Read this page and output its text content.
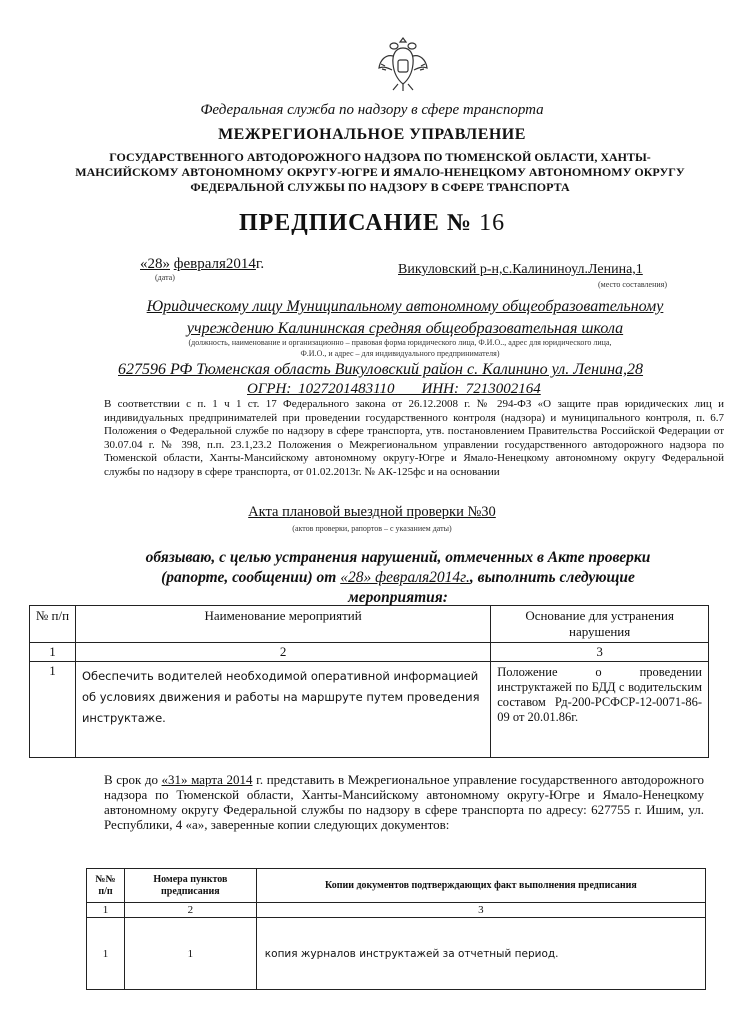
Федеральная служба по надзору в сфере транспорта
МЕЖРЕГИОНАЛЬНОЕ УПРАВЛЕНИЕ
ГОСУДАРСТВЕННОГО АВТОДОРОЖНОГО НАДЗОРА ПО ТЮМЕНСКОЙ ОБЛАСТИ, ХАНТЫ-
МАНСИЙСКОМУ АВТОНОМНОМУ ОКРУГУ-ЮГРЕ И ЯМАЛО-НЕНЕЦКОМУ АВТОНОМНОМУ ОКРУГУ
ФЕДЕРАЛЬНОЙ СЛУЖБЫ ПО НАДЗОРУ В СФЕРЕ ТРАНСПОРТА
ПРЕДПИСАНИЕ № 16
«28» февраля2014г.
(дата)
Викуловский р-н,с.Калининоул.Ленина,1
(место составления)
Юридическому лицу Муниципальному автономному общеобразовательному
учреждению Калининская средняя общеобразовательная школа
(должность, наименование и организационно – правовая форма юридического лица, Ф.И.О.., адрес для юридического лица,
Ф.И.О., и адрес – для индивидуального предпринимателя)
627596 РФ Тюменская область Викуловский район с. Калинино ул. Ленина,28
ОГРН: 1027201483110 ИНН: 7213002164
В соответствии с п. 1 ч 1 ст. 17 Федерального закона от 26.12.2008 г. № 294-ФЗ «О защите прав юридических лиц и индивидуальных предпринимателей при проведении государственного контроля (надзора) и муниципального контроля, п. 6.7 Положения о Федеральной службе по надзору в сфере транспорта, утв. постановлением Правительства Российской Федерации от 30.07.04 г. № 398, п.п. 23.1,23.2 Положения о Межрегиональном управлении государственного автодорожного надзора по Тюменской области, Ханты-Мансийскому автономному округу-Югре и Ямало-Ненецкому автономному округу Федеральной службы по надзору в сфере транспорта, от 01.02.2013г. № АК-125фс и на основании
Акта плановой выездной проверки №30
(актов проверки, рапортов – с указанием даты)
обязываю, с целью устранения нарушений, отмеченных в Акте проверки (рапорте, сообщении) от «28» февраля2014г., выполнить следующие мероприятия:
№ п/п	Наименование мероприятий	Основание для устранения нарушения
1	2	3
1	Обеспечить водителей необходимой оперативной информацией об условиях движения и работы на маршруте путем проведения инструктаже.	Положение о проведении инструктажей по БДД с водительским составом Рд-200-РСФСР-12-0071-86-09 от 20.01.86г.
В срок до «31» марта 2014 г. представить в Межрегиональное управление государственного автодорожного надзора по Тюменской области, Ханты-Мансийскому автономному округу-Югре и Ямало-Ненецкому автономному округу Федеральной службы по надзору в сфере транспорта по адресу: 627755 г. Ишим, ул. Республики, 4 «а», заверенные копии следующих документов:
№№ п/п	Номера пунктов предписания	Копии документов подтверждающих факт выполнения предписания
1	2	3
1	1	копия журналов инструктажей за отчетный период.
